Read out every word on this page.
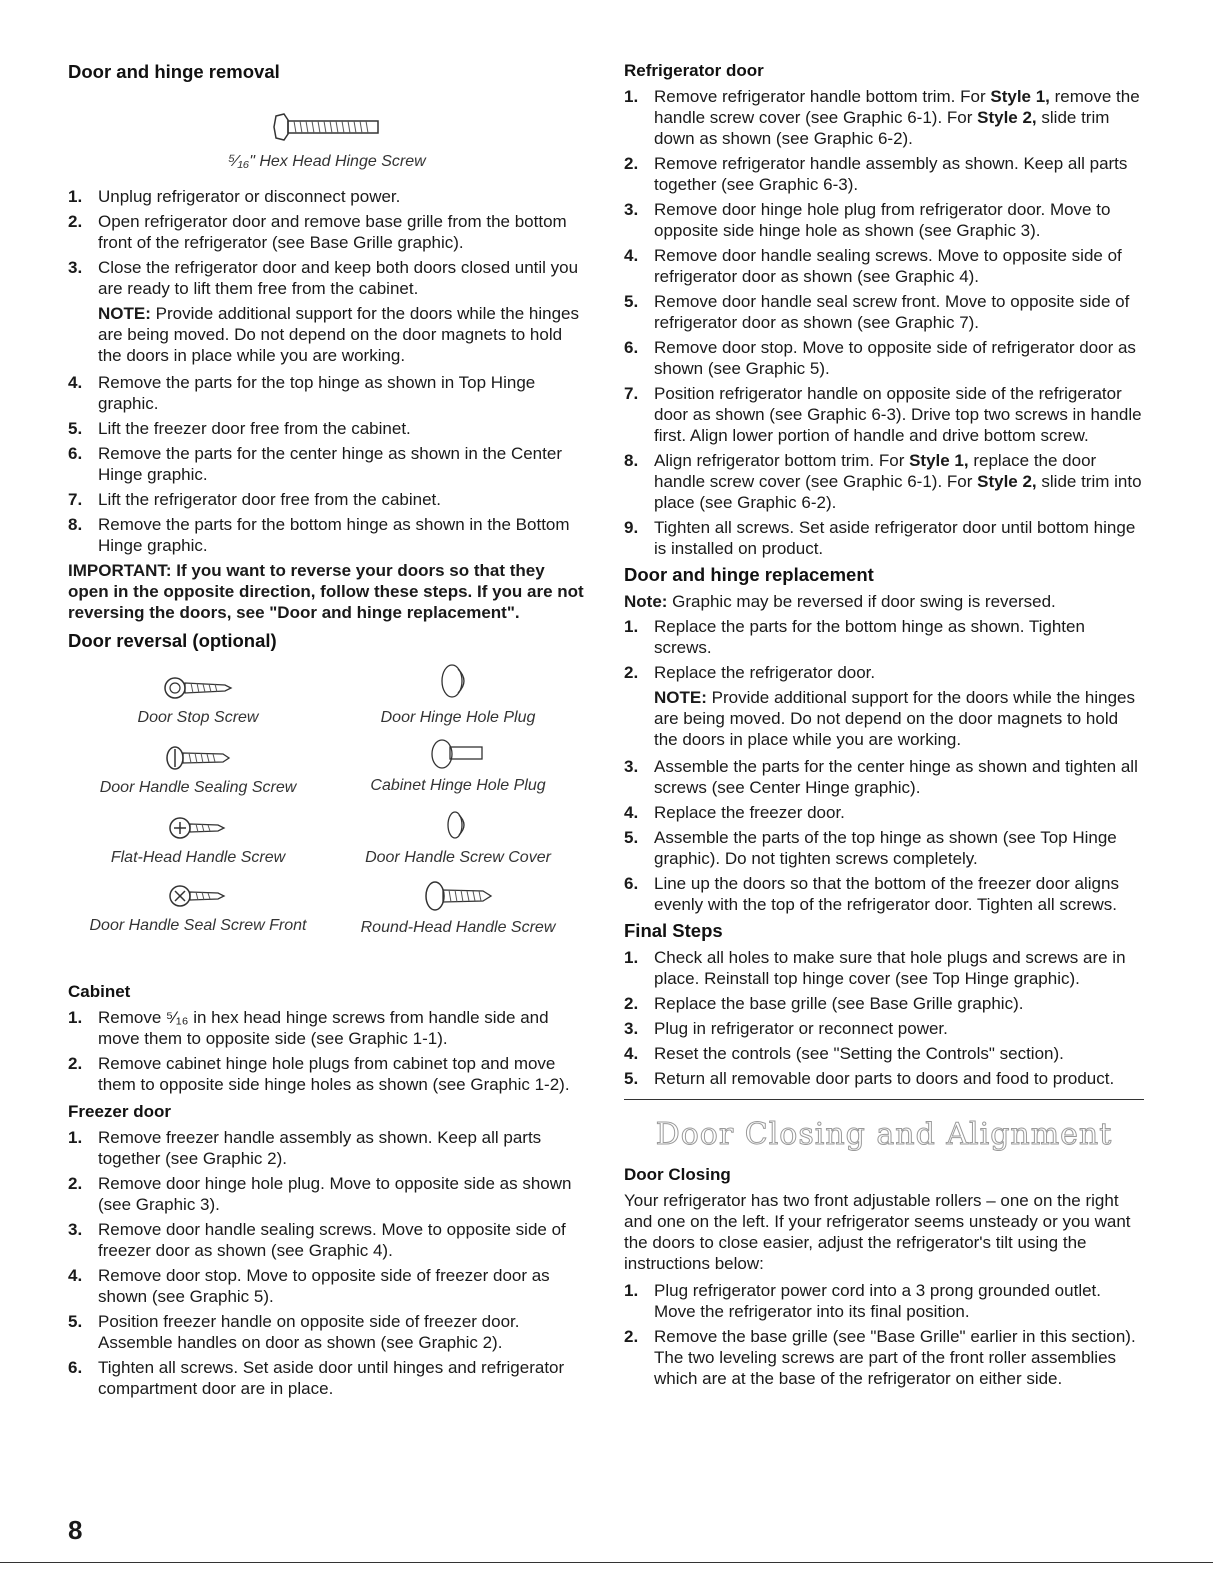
Door and hinge removal
⁵⁄₁₆" Hex Head Hinge Screw
1. Unplug refrigerator or disconnect power.
2. Open refrigerator door and remove base grille from the bottom front of the refrigerator (see Base Grille graphic).
3. Close the refrigerator door and keep both doors closed until you are ready to lift them free from the cabinet.
NOTE: Provide additional support for the doors while the hinges are being moved. Do not depend on the door magnets to hold the doors in place while you are working.
4. Remove the parts for the top hinge as shown in Top Hinge graphic.
5. Lift the freezer door free from the cabinet.
6. Remove the parts for the center hinge as shown in the Center Hinge graphic.
7. Lift the refrigerator door free from the cabinet.
8. Remove the parts for the bottom hinge as shown in the Bottom Hinge graphic.
IMPORTANT: If you want to reverse your doors so that they open in the opposite direction, follow these steps. If you are not reversing the doors, see "Door and hinge replacement".
Door reversal (optional)
Door Stop Screw	Door Hinge Hole Plug
Door Handle Sealing Screw	Cabinet Hinge Hole Plug
Flat-Head Handle Screw	Door Handle Screw Cover
Door Handle Seal Screw Front	Round-Head Handle Screw
Cabinet
1. Remove ⁵⁄₁₆ in hex head hinge screws from handle side and move them to opposite side (see Graphic 1-1).
2. Remove cabinet hinge hole plugs from cabinet top and move them to opposite side hinge holes as shown (see Graphic 1-2).
Freezer door
1. Remove freezer handle assembly as shown. Keep all parts together (see Graphic 2).
2. Remove door hinge hole plug. Move to opposite side as shown (see Graphic 3).
3. Remove door handle sealing screws. Move to opposite side of freezer door as shown (see Graphic 4).
4. Remove door stop. Move to opposite side of freezer door as shown (see Graphic 5).
5. Position freezer handle on opposite side of freezer door. Assemble handles on door as shown (see Graphic 2).
6. Tighten all screws. Set aside door until hinges and refrigerator compartment door are in place.
Refrigerator door
1. Remove refrigerator handle bottom trim. For Style 1, remove the handle screw cover (see Graphic 6-1). For Style 2, slide trim down as shown (see Graphic 6-2).
2. Remove refrigerator handle assembly as shown. Keep all parts together (see Graphic 6-3).
3. Remove door hinge hole plug from refrigerator door. Move to opposite side hinge hole as shown (see Graphic 3).
4. Remove door handle sealing screws. Move to opposite side of refrigerator door as shown (see Graphic 4).
5. Remove door handle seal screw front. Move to opposite side of refrigerator door as shown (see Graphic 7).
6. Remove door stop. Move to opposite side of refrigerator door as shown (see Graphic 5).
7. Position refrigerator handle on opposite side of the refrigerator door as shown (see Graphic 6-3). Drive top two screws in handle first. Align lower portion of handle and drive bottom screw.
8. Align refrigerator bottom trim. For Style 1, replace the door handle screw cover (see Graphic 6-1). For Style 2, slide trim into place (see Graphic 6-2).
9. Tighten all screws. Set aside refrigerator door until bottom hinge is installed on product.
Door and hinge replacement

Note: Graphic may be reversed if door swing is reversed.

1. Replace the parts for the bottom hinge as shown. Tighten screws.
2. Replace the refrigerator door.
NOTE: Provide additional support for the doors while the hinges are being moved. Do not depend on the door magnets to hold the doors in place while you are working.
3. Assemble the parts for the center hinge as shown and tighten all screws (see Center Hinge graphic).
4. Replace the freezer door.
5. Assemble the parts of the top hinge as shown (see Top Hinge graphic). Do not tighten screws completely.
6. Line up the doors so that the bottom of the freezer door aligns evenly with the top of the refrigerator door. Tighten all screws.
Final Steps
1. Check all holes to make sure that hole plugs and screws are in place. Reinstall top hinge cover (see Top Hinge graphic).
2. Replace the base grille (see Base Grille graphic).
3. Plug in refrigerator or reconnect power.
4. Reset the controls (see "Setting the Controls" section).
5. Return all removable door parts to doors and food to product.
Door Closing and Alignment
Door Closing

Your refrigerator has two front adjustable rollers – one on the right and one on the left. If your refrigerator seems unsteady or you want the doors to close easier, adjust the refrigerator's tilt using the instructions below:

1. Plug refrigerator power cord into a 3 prong grounded outlet. Move the refrigerator into its final position.
2. Remove the base grille (see "Base Grille" earlier in this section). The two leveling screws are part of the front roller assemblies which are at the base of the refrigerator on either side.
8
